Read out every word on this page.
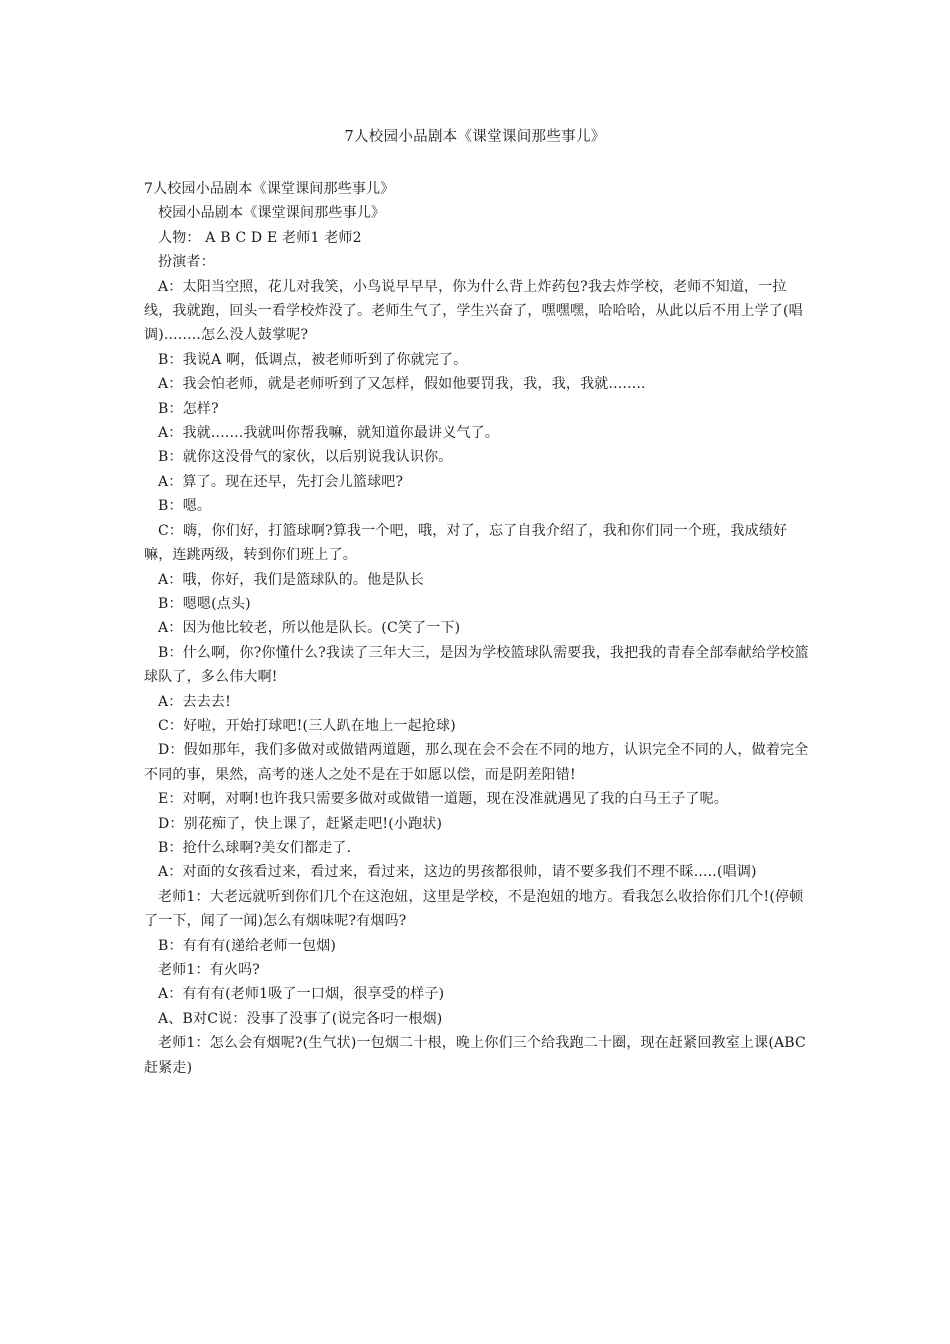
7人校园小品剧本《课堂课间那些事儿》

7人校园小品剧本《课堂课间那些事儿》

校园小品剧本《课堂课间那些事儿》

人物： A B C D E 老师1 老师2

扮演者：

A：太阳当空照，花儿对我笑，小鸟说早早早，你为什么背上炸药包?我去炸学校，老师不知道，一拉线，我就跑，回头一看学校炸没了。老师生气了，学生兴奋了，嘿嘿嘿，哈哈哈，从此以后不用上学了(唱调)........怎么没人鼓掌呢?

B：我说A 啊，低调点，被老师听到了你就完了。

A：我会怕老师，就是老师听到了又怎样，假如他要罚我，我，我，我就........

B：怎样?

A：我就.......我就叫你帮我嘛，就知道你最讲义气了。

B：就你这没骨气的家伙，以后别说我认识你。

A：算了。现在还早，先打会儿篮球吧?

B：嗯。

C：嗨，你们好，打篮球啊?算我一个吧，哦，对了，忘了自我介绍了，我和你们同一个班，我成绩好嘛，连跳两级，转到你们班上了。

A：哦，你好，我们是篮球队的。他是队长

B：嗯嗯(点头)

A：因为他比较老，所以他是队长。(C笑了一下)

B：什么啊，你?你懂什么?我读了三年大三，是因为学校篮球队需要我，我把我的青春全部奉献给学校篮球队了，多么伟大啊!

A：去去去!

C：好啦，开始打球吧!(三人趴在地上一起抢球)

D：假如那年，我们多做对或做错两道题，那么现在会不会在不同的地方，认识完全不同的人，做着完全不同的事，果然，高考的迷人之处不是在于如愿以偿，而是阴差阳错!

E：对啊，对啊!也许我只需要多做对或做错一道题，现在没准就遇见了我的白马王子了呢。

D：别花痴了，快上课了，赶紧走吧!(小跑状)

B：抢什么球啊?美女们都走了.

A：对面的女孩看过来，看过来，看过来，这边的男孩都很帅，请不要多我们不理不睬.....(唱调)

老师1：大老远就听到你们几个在这泡妞，这里是学校，不是泡妞的地方。看我怎么收拾你们几个!(停顿了一下，闻了一闻)怎么有烟味呢?有烟吗?

B：有有有(递给老师一包烟)

老师1：有火吗?

A：有有有(老师1吸了一口烟，很享受的样子)

A、B对C说：没事了没事了(说完各叼一根烟)

老师1：怎么会有烟呢?(生气状)一包烟二十根，晚上你们三个给我跑二十圈，现在赶紧回教室上课(ABC赶紧走)
